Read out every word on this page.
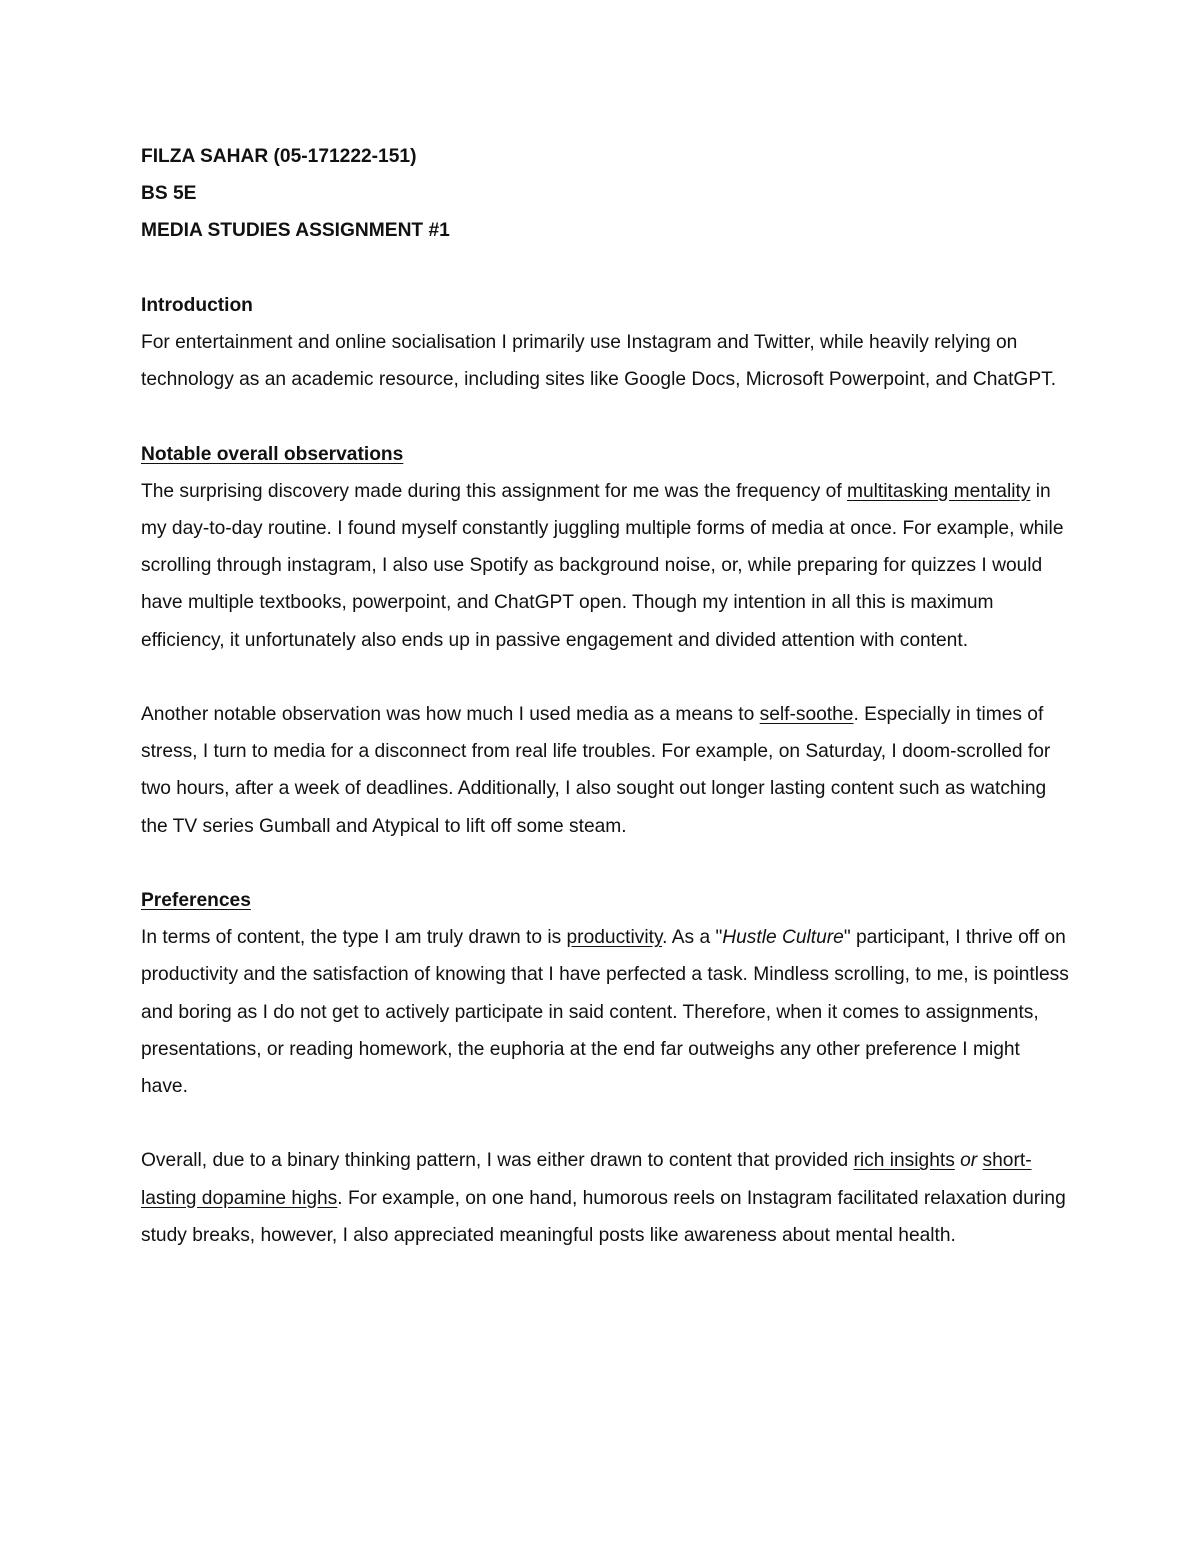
FILZA SAHAR (05-171222-151)

BS 5E

MEDIA STUDIES ASSIGNMENT #1

Introduction

For entertainment and online socialisation I primarily use Instagram and Twitter, while heavily relying on technology as an academic resource, including sites like Google Docs, Microsoft Powerpoint, and ChatGPT.

Notable overall observations

The surprising discovery made during this assignment for me was the frequency of multitasking mentality in my day-to-day routine. I found myself constantly juggling multiple forms of media at once. For example, while scrolling through instagram, I also use Spotify as background noise, or, while preparing for quizzes I would have multiple textbooks, powerpoint, and ChatGPT open. Though my intention in all this is maximum efficiency, it unfortunately also ends up in passive engagement and divided attention with content.

Another notable observation was how much I used media as a means to self-soothe. Especially in times of stress, I turn to media for a disconnect from real life troubles. For example, on Saturday, I doom-scrolled for two hours, after a week of deadlines. Additionally, I also sought out longer lasting content such as watching the TV series Gumball and Atypical to lift off some steam.

Preferences

In terms of content, the type I am truly drawn to is productivity. As a "Hustle Culture" participant, I thrive off on productivity and the satisfaction of knowing that I have perfected a task. Mindless scrolling, to me, is pointless and boring as I do not get to actively participate in said content. Therefore, when it comes to assignments, presentations, or reading homework, the euphoria at the end far outweighs any other preference I might have.

Overall, due to a binary thinking pattern, I was either drawn to content that provided rich insights or short-lasting dopamine highs. For example, on one hand, humorous reels on Instagram facilitated relaxation during study breaks, however, I also appreciated meaningful posts like awareness about mental health.
